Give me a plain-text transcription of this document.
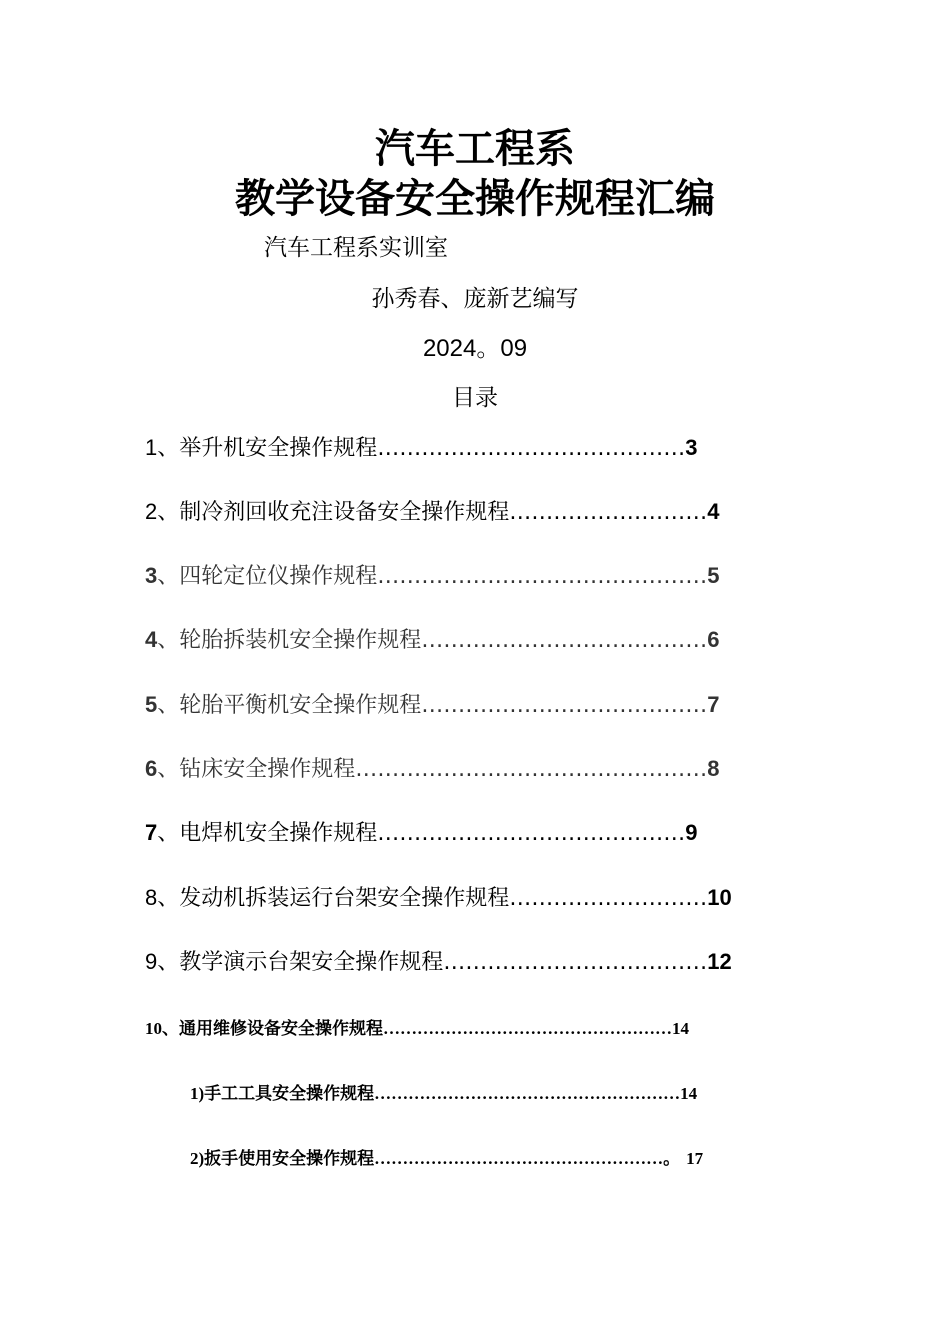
汽车工程系
教学设备安全操作规程汇编
汽车工程系实训室
孙秀春、庞新艺编写
2024。09
目录
1、举升机安全操作规程……………………………………3
2、制冷剂回收充注设备安全操作规程………………………4
3、四轮定位仪操作规程………………………………………5
4、轮胎拆装机安全操作规程…………………………………6
5、轮胎平衡机安全操作规程…………………………………7
6、钻床安全操作规程…………………………………………8
7、电焊机安全操作规程……………………………………9
8、发动机拆装运行台架安全操作规程………………………10
9、教学演示台架安全操作规程………………………………12
10、通用维修设备安全操作规程……………………………………………14
1)手工工具安全操作规程………………………………………………14
2)扳手使用安全操作规程……………………………………………。 17
